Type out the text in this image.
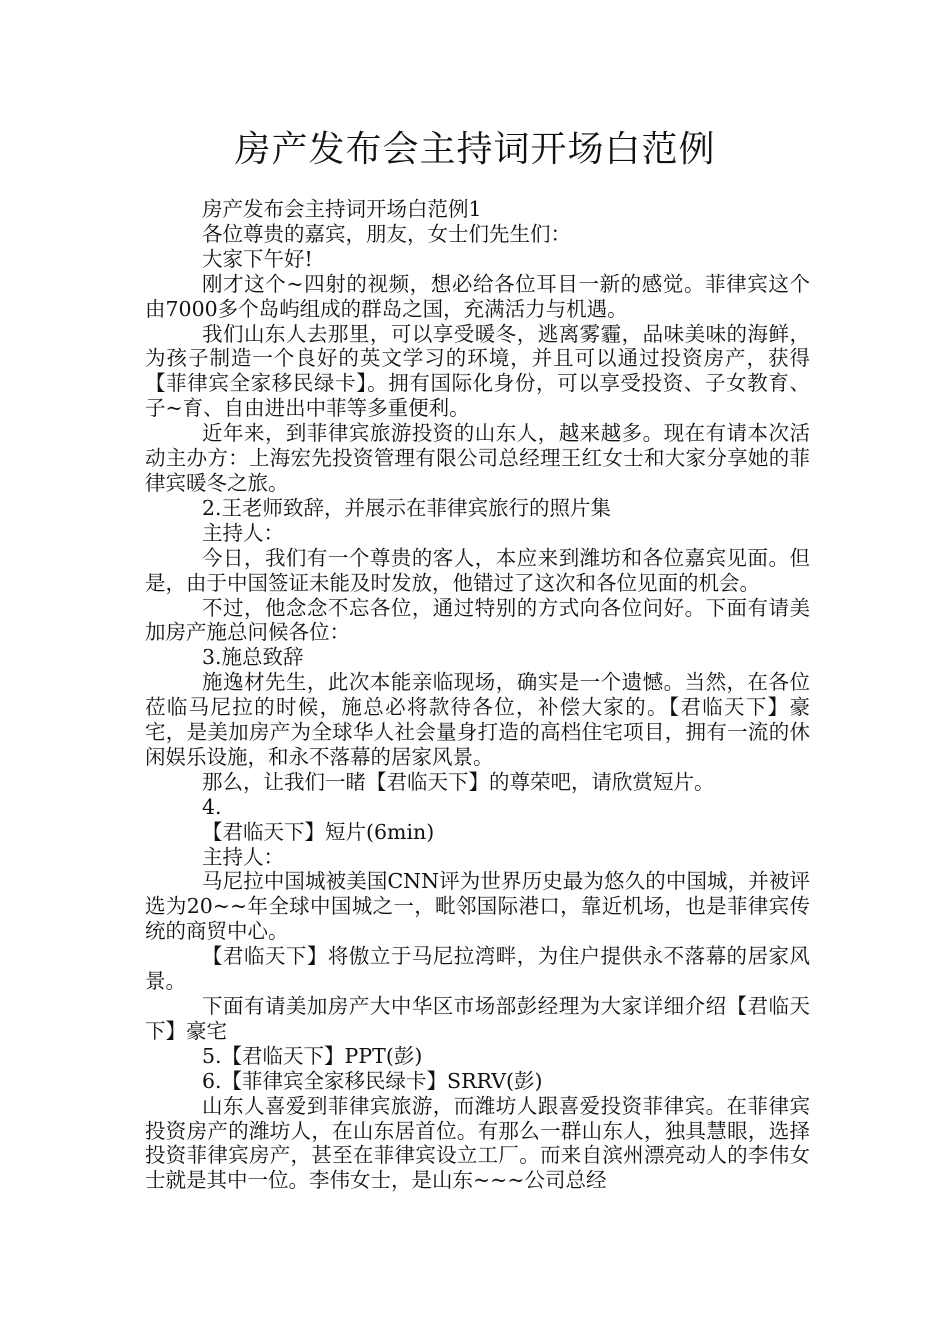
房产发布会主持词开场白范例

房产发布会主持词开场白范例1

各位尊贵的嘉宾，朋友，女士们先生们：

大家下午好!

刚才这个~四射的视频，想必给各位耳目一新的感觉。菲律宾这个由7000多个岛屿组成的群岛之国，充满活力与机遇。

我们山东人去那里，可以享受暖冬，逃离雾霾，品味美味的海鲜，为孩子制造一个良好的英文学习的环境，并且可以通过投资房产，获得【菲律宾全家移民绿卡】。拥有国际化身份，可以享受投资、子女教育、子~育、自由进出中菲等多重便利。

近年来，到菲律宾旅游投资的山东人，越来越多。现在有请本次活动主办方：上海宏先投资管理有限公司总经理王红女士和大家分享她的菲律宾暖冬之旅。

2.王老师致辞，并展示在菲律宾旅行的照片集

主持人：

今日，我们有一个尊贵的客人，本应来到潍坊和各位嘉宾见面。但是，由于中国签证未能及时发放，他错过了这次和各位见面的机会。

不过，他念念不忘各位，通过特别的方式向各位问好。下面有请美加房产施总问候各位：

3.施总致辞

施逸材先生，此次本能亲临现场，确实是一个遗憾。当然，在各位莅临马尼拉的时候，施总必将款待各位，补偿大家的。【君临天下】豪宅，是美加房产为全球华人社会量身打造的高档住宅项目，拥有一流的休闲娱乐设施，和永不落幕的居家风景。

那么，让我们一睹【君临天下】的尊荣吧，请欣赏短片。

4.

【君临天下】短片(6min)

主持人：

马尼拉中国城被美国CNN评为世界历史最为悠久的中国城，并被评选为20~~年全球中国城之一，毗邻国际港口，靠近机场，也是菲律宾传统的商贸中心。

【君临天下】将傲立于马尼拉湾畔，为住户提供永不落幕的居家风景。

下面有请美加房产大中华区市场部彭经理为大家详细介绍【君临天下】豪宅

5.【君临天下】PPT(彭)

6.【菲律宾全家移民绿卡】SRRV(彭)

山东人喜爱到菲律宾旅游，而潍坊人跟喜爱投资菲律宾。在菲律宾投资房产的潍坊人，在山东居首位。有那么一群山东人，独具慧眼，选择投资菲律宾房产，甚至在菲律宾设立工厂。而来自滨州漂亮动人的李伟女士就是其中一位。李伟女士，是山东~~~公司总经
